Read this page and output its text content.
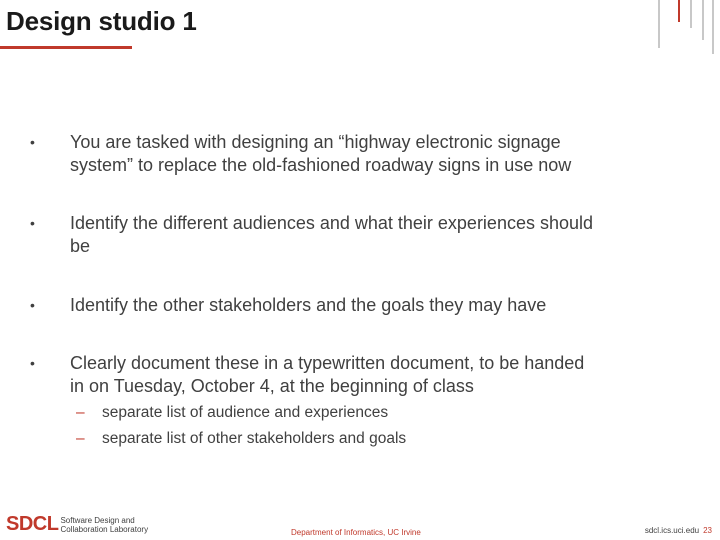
Design studio 1
•	You are tasked with designing an “highway electronic signage
system” to replace the old-fashioned roadway signs in use now
•	Identify the different audiences and what their experiences should
be
•	Identify the other stakeholders and the goals they may have
•	Clearly document these in a typewritten document, to be handed
in on Tuesday, October 4, at the beginning of class
– separate list of audience and experiences
– separate list of other stakeholders and goals
SDCL Software Design and
Collaboration Laboratory	Department of Informatics, UC Irvine	sdcl.ics.uci.edu 23
